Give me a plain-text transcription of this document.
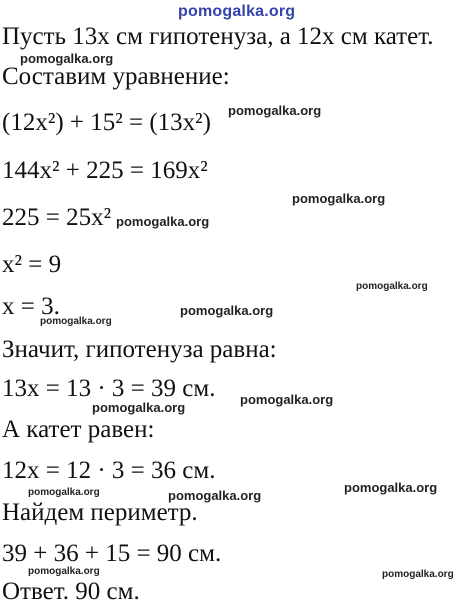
pomogalka.org
Пусть 13x см гипотенуза, а 12x см катет.
Составим уравнение:
(12x²) + 15² = (13x²)
144x² + 225 = 169x²
225 = 25x²
x² = 9
x = 3.
Значит, гипотенуза равна:
13x = 13 · 3 = 39 см.
А катет равен:
12x = 12 · 3 = 36 см.
Найдем периметр.
39 + 36 + 15 = 90 см.
Ответ. 90 см.
pomogalka.org
pomogalka.org
pomogalka.org
pomogalka.org
pomogalka.org
pomogalka.org
pomogalka.org
pomogalka.org
pomogalka.org
pomogalka.org
pomogalka.org	pomogalka.org
pomogalka.org	pomogalka.org
